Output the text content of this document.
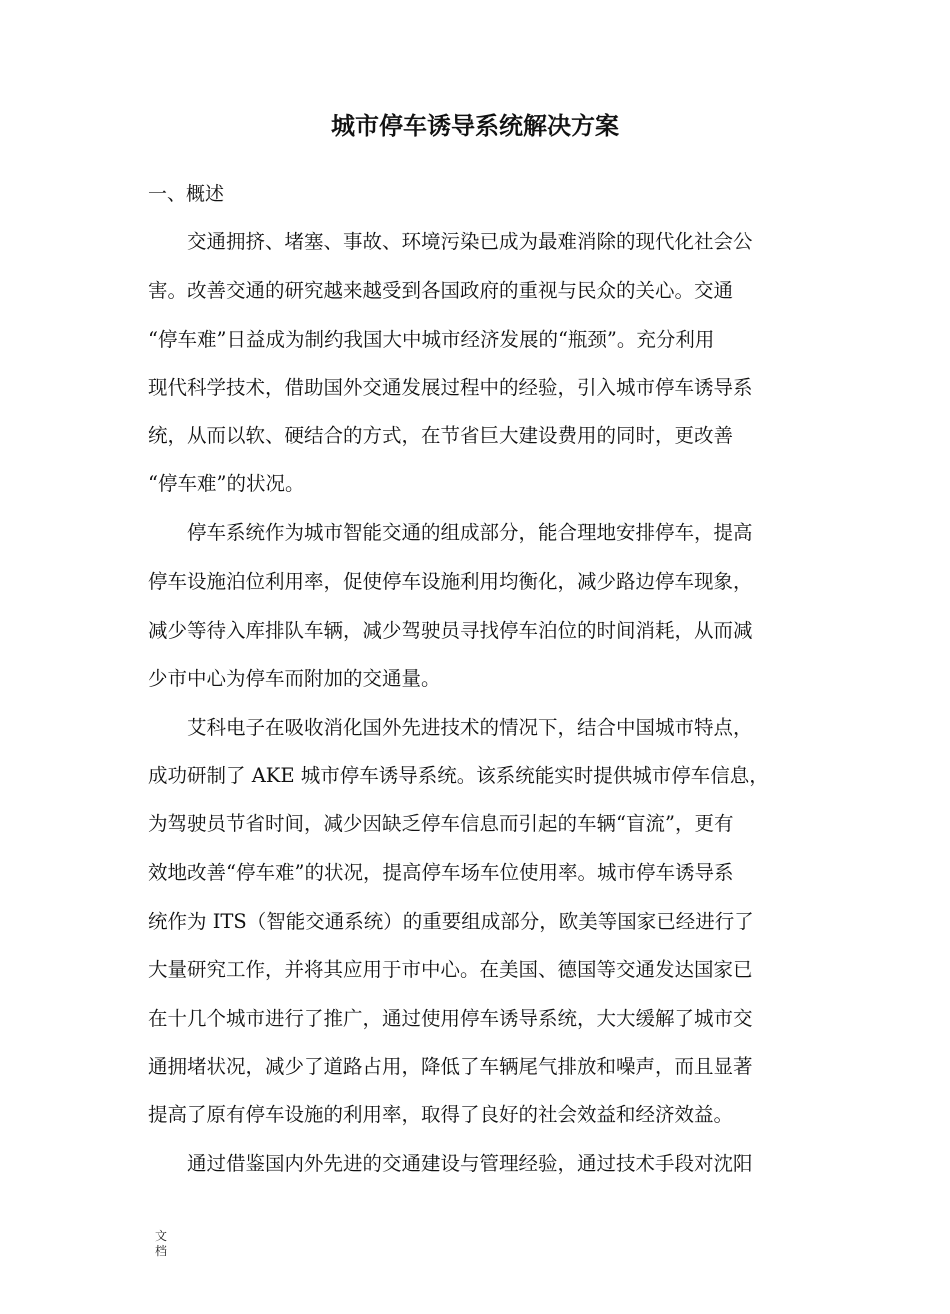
城市停车诱导系统解决方案
一、概述
　　交通拥挤、堵塞、事故、环境污染已成为最难消除的现代化社会公
害。改善交通的研究越来越受到各国政府的重视与民众的关心。交通
“停车难”日益成为制约我国大中城市经济发展的“瓶颈”。充分利用
现代科学技术，借助国外交通发展过程中的经验，引入城市停车诱导系
统，从而以软、硬结合的方式，在节省巨大建设费用的同时，更改善
“停车难”的状况。
　　停车系统作为城市智能交通的组成部分，能合理地安排停车，提高
停车设施泊位利用率，促使停车设施利用均衡化，减少路边停车现象，
减少等待入库排队车辆，减少驾驶员寻找停车泊位的时间消耗，从而减
少市中心为停车而附加的交通量。
　　艾科电子在吸收消化国外先进技术的情况下，结合中国城市特点，
成功研制了 AKE 城市停车诱导系统。该系统能实时提供城市停车信息，
为驾驶员节省时间，减少因缺乏停车信息而引起的车辆“盲流”，更有
效地改善“停车难”的状况，提高停车场车位使用率。城市停车诱导系
统作为 ITS（智能交通系统）的重要组成部分，欧美等国家已经进行了
大量研究工作，并将其应用于市中心。在美国、德国等交通发达国家已
在十几个城市进行了推广，通过使用停车诱导系统，大大缓解了城市交
通拥堵状况，减少了道路占用，降低了车辆尾气排放和噪声，而且显著
提高了原有停车设施的利用率，取得了良好的社会效益和经济效益。
　　通过借鉴国内外先进的交通建设与管理经验，通过技术手段对沈阳
文
档
